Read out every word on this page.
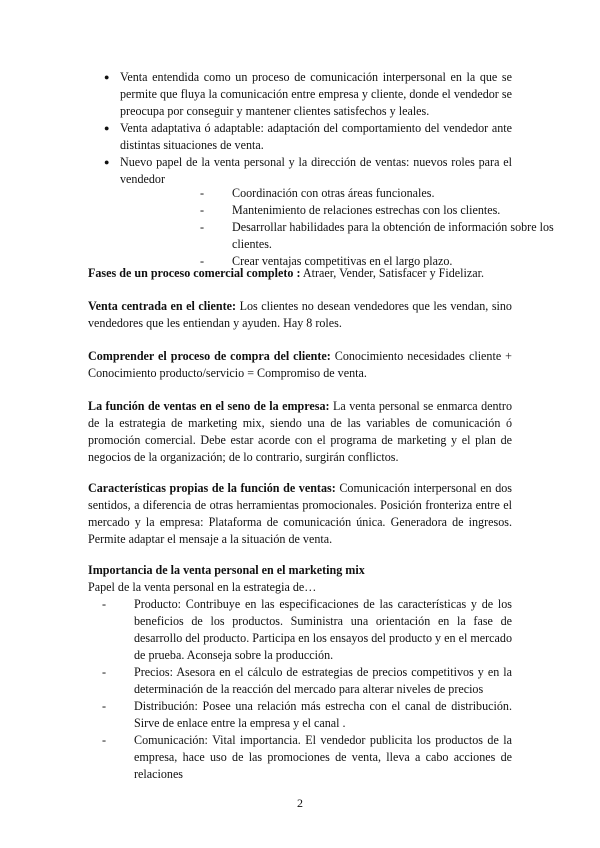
● Venta entendida como un proceso de comunicación interpersonal en la que se permite que fluya la comunicación entre empresa y cliente, donde el vendedor se preocupa por conseguir y mantener clientes satisfechos y leales.
● Venta adaptativa ó adaptable: adaptación del comportamiento del vendedor ante distintas situaciones de venta.
● Nuevo papel de la venta personal y la dirección de ventas: nuevos roles para el vendedor
- Coordinación con otras áreas funcionales.
- Mantenimiento de relaciones estrechas con los clientes.
- Desarrollar habilidades para la obtención de información sobre los clientes.
- Crear ventajas competitivas en el largo plazo.

Fases de un proceso comercial completo : Atraer, Vender, Satisfacer y Fidelizar.

Venta centrada en el cliente: Los clientes no desean vendedores que les vendan, sino vendedores que les entiendan y ayuden. Hay 8 roles.

Comprender el proceso de compra del cliente: Conocimiento necesidades cliente + Conocimiento producto/servicio = Compromiso de venta.

La función de ventas en el seno de la empresa: La venta personal se enmarca dentro de la estrategia de marketing mix, siendo una de las variables de comunicación ó promoción comercial. Debe estar acorde con el programa de marketing y el plan de negocios de la organización; de lo contrario, surgirán conflictos.

Características propias de la función de ventas: Comunicación interpersonal en dos sentidos, a diferencia de otras herramientas promocionales. Posición fronteriza entre el mercado y la empresa: Plataforma de comunicación única. Generadora de ingresos. Permite adaptar el mensaje a la situación de venta.

Importancia de la venta personal en el marketing mix

Papel de la venta personal en la estrategia de…

- Producto: Contribuye en las especificaciones de las características y de los beneficios de los productos. Suministra una orientación en la fase de desarrollo del producto. Participa en los ensayos del producto y en el mercado de prueba. Aconseja sobre la producción.
- Precios: Asesora en el cálculo de estrategias de precios competitivos y en la determinación de la reacción del mercado para alterar niveles de precios
- Distribución: Posee una relación más estrecha con el canal de distribución. Sirve de enlace entre la empresa y el canal .
- Comunicación: Vital importancia. El vendedor publicita los productos de la empresa, hace uso de las promociones de venta, lleva a cabo acciones de relaciones
2
